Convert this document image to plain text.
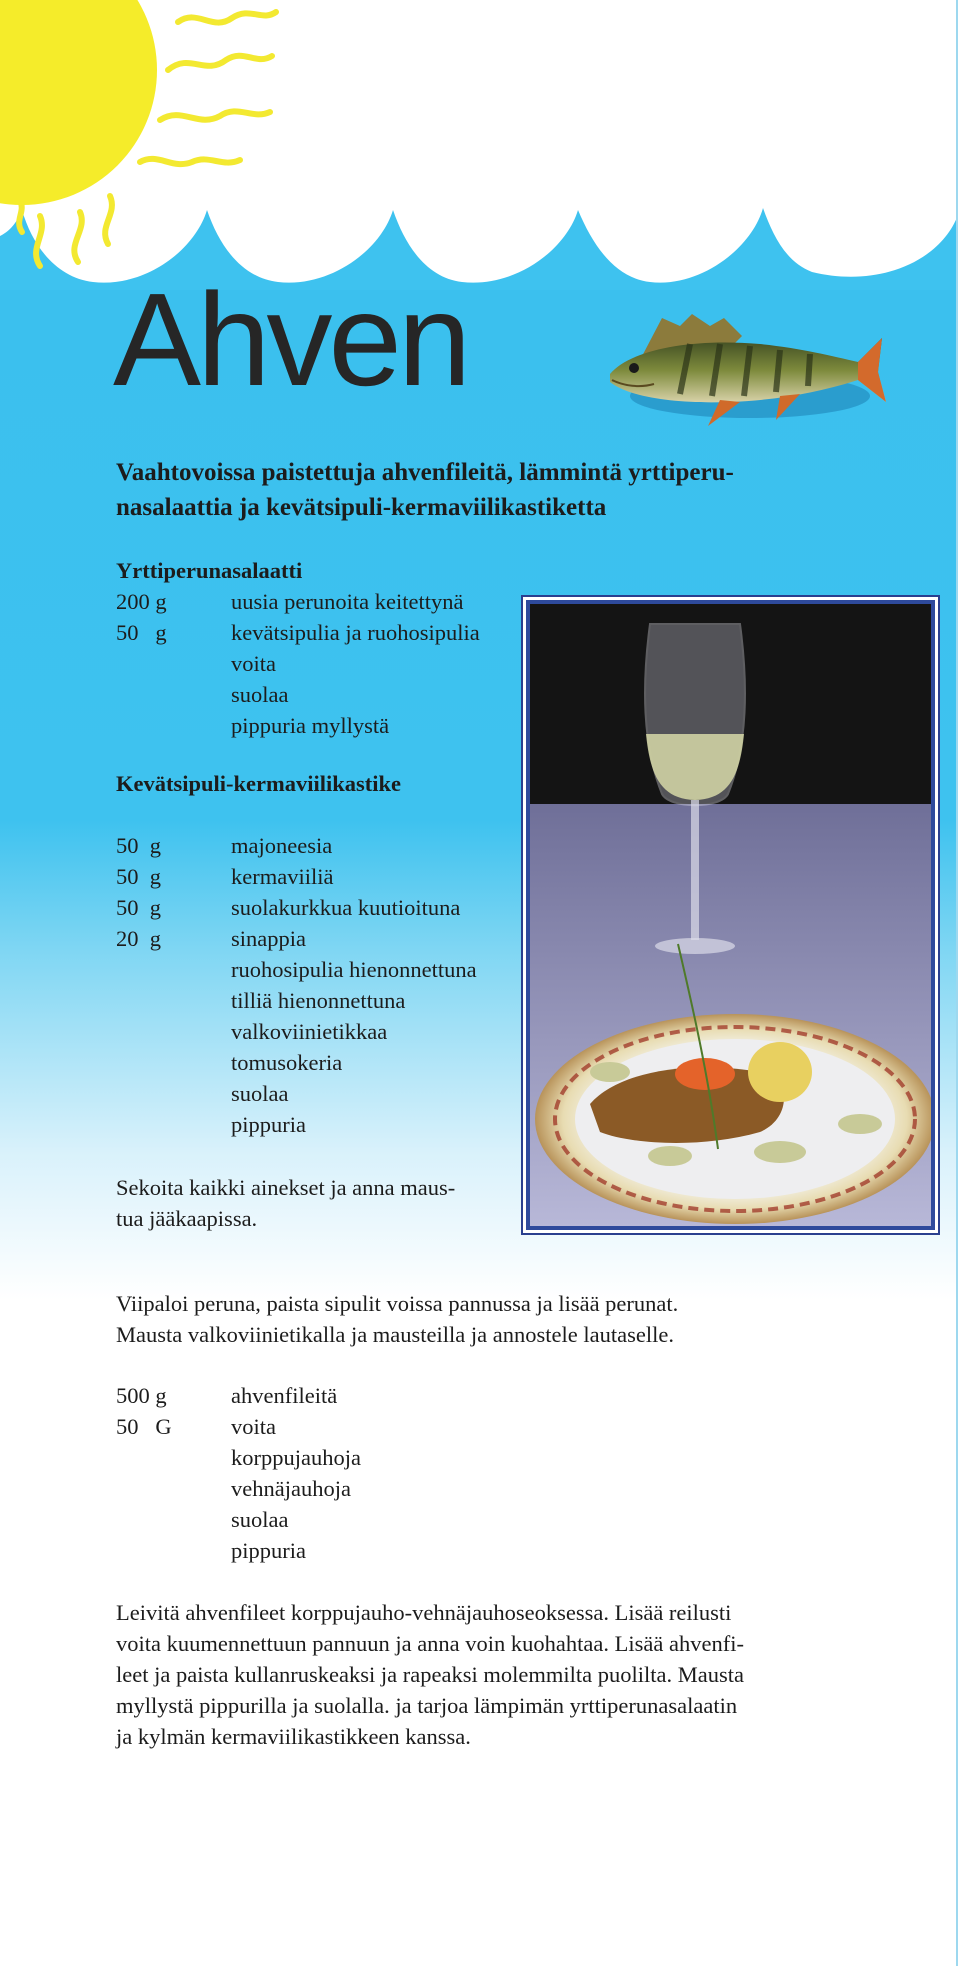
Ahven

Vaahtovoissa paistettuja ahvenfileitä, lämmintä yrttiperu-
nasalaattia ja kevätsipuli-kermaviilikastiketta

Yrttiperunasalaatti

200 g	uusia perunoita keitettynä
50   g	kevätsipulia ja ruohosipulia
voita
suolaa
pippuria myllystä

Kevätsipuli-kermaviilikastike

50  g	majoneesia
50  g	kermaviiliä
50  g	suolakurkkua kuutioituna
20  g	sinappia
ruohosipulia hienonnettuna
tilliä hienonnettuna
valkoviinietikkaa
tomusokeria
suolaa
pippuria

Sekoita kaikki ainekset ja anna maus-
tua jääkaapissa.

Viipaloi peruna, paista sipulit voissa pannussa ja lisää perunat.
Mausta valkoviinietikalla ja mausteilla ja annostele lautaselle.

500 g	ahvenfileitä
50   G	voita
korppujauhoja
vehnäjauhoja
suolaa
pippuria

Leivitä ahvenfileet korppujauho-vehnäjauhoseoksessa. Lisää reilusti
voita kuumennettuun pannuun ja anna voin kuohahtaa. Lisää ahvenfi-
leet ja paista kullanruskeaksi ja rapeaksi molemmilta puolilta. Mausta
myllystä pippurilla ja suolalla. ja tarjoa lämpimän yrttiperunasalaatin
ja kylmän kermaviilikastikkeen kanssa.
